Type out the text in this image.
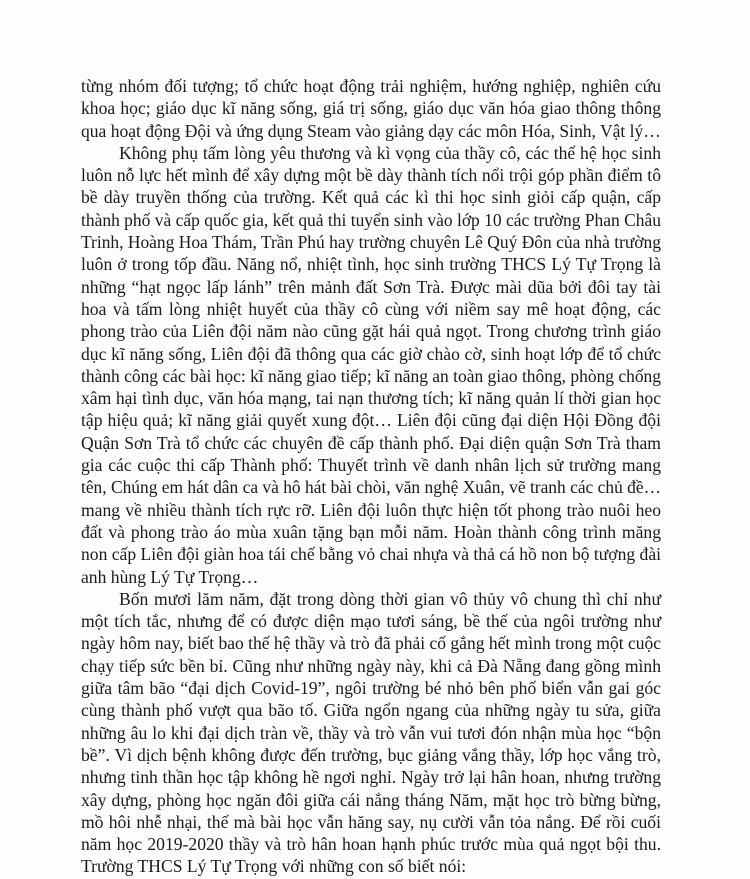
từng nhóm đối tượng; tổ chức hoạt động trải nghiệm, hướng nghiệp, nghiên cứu
khoa học; giáo dục kĩ năng sống, giá trị sống, giáo dục văn hóa giao thông thông
qua hoạt động Đội và ứng dụng Steam vào giảng dạy các môn Hóa, Sinh, Vật lý…
Không phụ tấm lòng yêu thương và kì vọng của thầy cô, các thế hệ học sinh
luôn nỗ lực hết mình để xây dựng một bề dày thành tích nổi trội góp phần điểm tô
bề dày truyền thống của trường. Kết quả các kì thi học sinh giỏi cấp quận, cấp
thành phố và cấp quốc gia, kết quả thi tuyển sinh vào lớp 10 các trường Phan Châu
Trinh, Hoàng Hoa Thám, Trần Phú hay trường chuyên Lê Quý Đôn của nhà trường
luôn ở trong tốp đầu. Năng nổ, nhiệt tình, học sinh trường THCS Lý Tự Trọng là
những “hạt ngọc lấp lánh” trên mảnh đất Sơn Trà. Được mài dũa bởi đôi tay tài
hoa và tấm lòng nhiệt huyết của thầy cô cùng với niềm say mê hoạt động, các
phong trào của Liên đội năm nào cũng gặt hái quả ngọt. Trong chương trình giáo
dục kĩ năng sống, Liên đội đã thông qua các giờ chào cờ, sinh hoạt lớp để tổ chức
thành công các bài học: kĩ năng giao tiếp; kĩ năng an toàn giao thông, phòng chống
xâm hại tình dục, văn hóa mạng, tai nạn thương tích; kĩ năng quản lí thời gian học
tập hiệu quả; kĩ năng giải quyết xung đột… Liên đội cũng đại diện Hội Đồng đội
Quận Sơn Trà tổ chức các chuyên đề cấp thành phố. Đại diện quận Sơn Trà tham
gia các cuộc thi cấp Thành phố: Thuyết trình về danh nhân lịch sử trường mang
tên, Chúng em hát dân ca và hô hát bài chòi, văn nghệ Xuân, vẽ tranh các chủ đề…
mang về nhiều thành tích rực rỡ. Liên đội luôn thực hiện tốt phong trào nuôi heo
đất và phong trào áo mùa xuân tặng bạn mỗi năm. Hoàn thành công trình măng
non cấp Liên đội giàn hoa tái chế bằng vỏ chai nhựa và thả cá hồ non bộ tượng đài
anh hùng Lý Tự Trọng…
Bốn mươi lăm năm, đặt trong dòng thời gian vô thủy vô chung thì chỉ như
một tích tắc, nhưng để có được diện mạo tươi sáng, bề thế của ngôi trường như
ngày hôm nay, biết bao thế hệ thầy và trò đã phải cố gắng hết mình trong một cuộc
chạy tiếp sức bền bỉ. Cũng như những ngày này, khi cả Đà Nẵng đang gồng mình
giữa tâm bão “đại dịch Covid-19”, ngôi trường bé nhỏ bên phố biển vẫn gai góc
cùng thành phố vượt qua bão tố. Giữa ngổn ngang của những ngày tu sửa, giữa
những âu lo khi đại dịch tràn về, thầy và trò vẫn vui tươi đón nhận mùa học “bộn
bề”. Vì dịch bệnh không được đến trường, bục giảng vắng thầy, lớp học vắng trò,
nhưng tinh thần học tập không hề ngơi nghỉ. Ngày trở lại hân hoan, nhưng trường
xây dựng, phòng học ngăn đôi giữa cái nắng tháng Năm, mặt học trò bừng bừng,
mồ hôi nhễ nhại, thế mà bài học vẫn hăng say, nụ cười vẫn tỏa nắng. Để rồi cuối
năm học 2019-2020 thầy và trò hân hoan hạnh phúc trước mùa quả ngọt bội thu.
Trường THCS Lý Tự Trọng với những con số biết nói:
